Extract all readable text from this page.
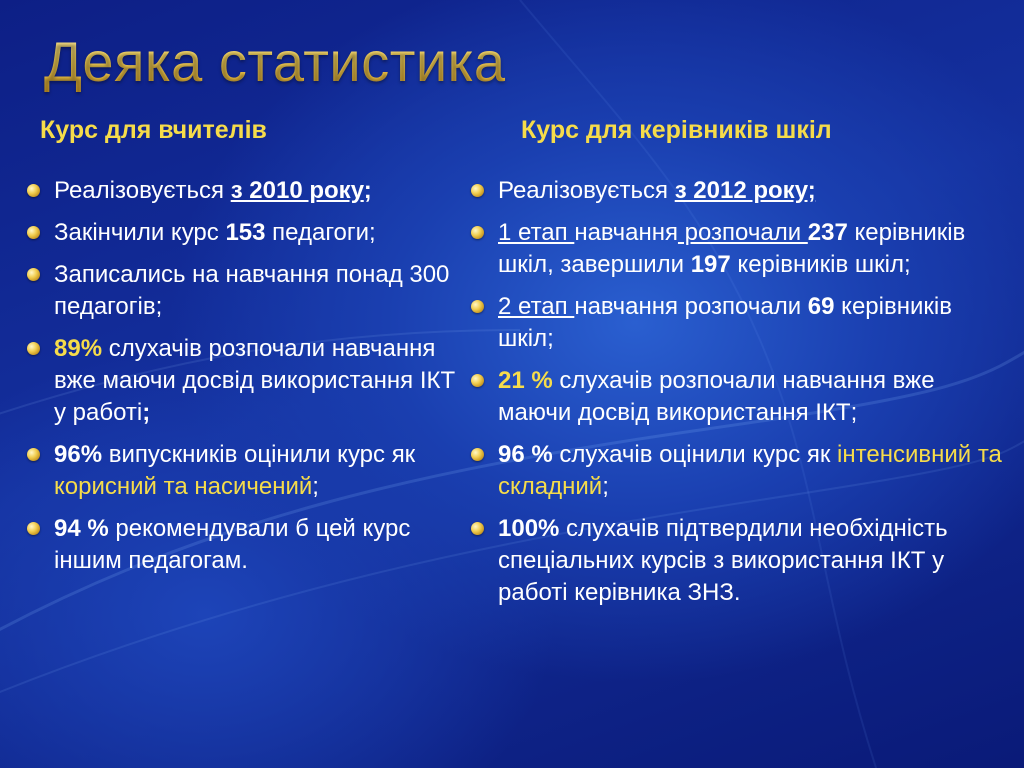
Деяка статистика
Курс для вчителів	Курс для керівників шкіл
Реалізовується з 2010 року;
Закінчили курс 153 педагоги;
Записались на навчання понад 300 педагогів;
89% слухачів розпочали навчання вже маючи досвід використання ІКТ у работі;
96% випускників оцінили курс як корисний та насичений;
94 % рекомендували б цей курс іншим педагогам.
Реалізовується з 2012 року;
1 етап навчання розпочали 237 керівників шкіл, завершили 197 керівників шкіл;
2 етап навчання розпочали 69 керівників шкіл;
21 % слухачів розпочали навчання вже маючи досвід використання ІКТ;
96 % слухачів оцінили курс як інтенсивний та складний;
100% слухачів підтвердили необхідність спеціальних курсів з використання ІКТ у работі керівника ЗНЗ.
